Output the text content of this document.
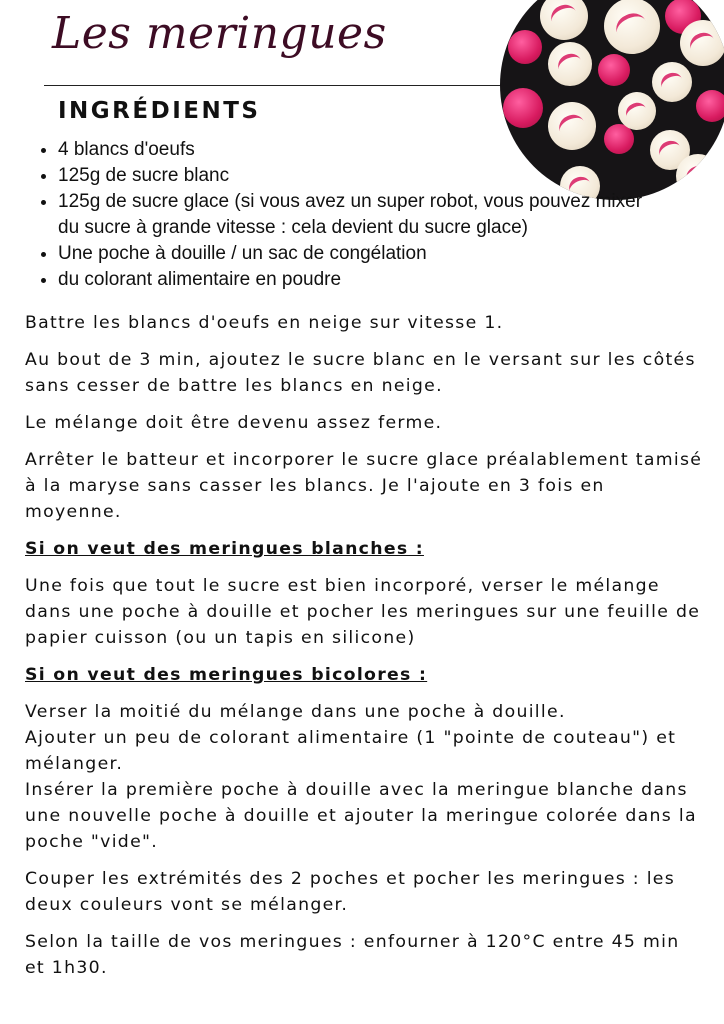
Les meringues
INGRÉDIENTS
• 4 blancs d'oeufs
• 125g de sucre blanc
• 125g de sucre glace (si vous avez un super robot, vous pouvez mixer du sucre à grande vitesse : cela devient du sucre glace)
• Une poche à douille / un sac de congélation
• du colorant alimentaire en poudre

Battre les blancs d'oeufs en neige sur vitesse 1.

Au bout de 3 min, ajoutez le sucre blanc en le versant sur les côtés sans cesser de battre les blancs en neige.

Le mélange doit être devenu assez ferme.

Arrêter le batteur et incorporer le sucre glace préalablement tamisé à la maryse sans casser les blancs. Je l'ajoute en 3 fois en moyenne.

Si on veut des meringues blanches :

Une fois que tout le sucre est bien incorporé, verser le mélange dans une poche à douille et pocher les meringues sur une feuille de papier cuisson (ou un tapis en silicone)

Si on veut des meringues bicolores :

Verser la moitié du mélange dans une poche à douille.
Ajouter un peu de colorant alimentaire (1 "pointe de couteau") et mélanger.
Insérer la première poche à douille avec la meringue blanche dans une nouvelle poche à douille et ajouter la meringue colorée dans la poche "vide".

Couper les extrémités des 2 poches et pocher les meringues : les deux couleurs vont se mélanger.

Selon la taille de vos meringues : enfourner à 120°C entre 45 min et 1h30.
